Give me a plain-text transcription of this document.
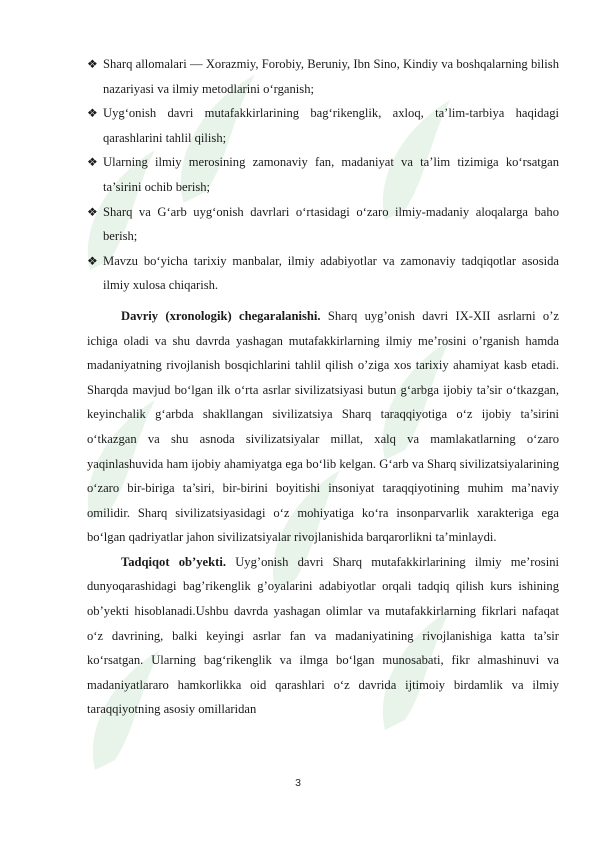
❖ Sharq allomalari — Xorazmiy, Forobiy, Beruniy, Ibn Sino, Kindiy va boshqalarning bilish nazariyasi va ilmiy metodlarini o‘rganish;
❖ Uyg‘onish davri mutafakkirlarining bag‘rikenglik, axloq, ta’lim-tarbiya haqidagi qarashlarini tahlil qilish;
❖ Ularning ilmiy merosining zamonaviy fan, madaniyat va ta’lim tizimiga ko‘rsatgan ta’sirini ochib berish;
❖ Sharq va G‘arb uyg‘onish davrlari o‘rtasidagi o‘zaro ilmiy-madaniy aloqalarga baho berish;
❖ Mavzu bo‘yicha tarixiy manbalar, ilmiy adabiyotlar va zamonaviy tadqiqotlar asosida ilmiy xulosa chiqarish.

Davriy (xronologik) chegaralanishi. Sharq uyg’onish davri IX-XII asrlarni o’z ichiga oladi va shu davrda yashagan mutafakkirlarning ilmiy me’rosini o’rganish hamda madaniyatning rivojlanish bosqichlarini tahlil qilish o’ziga xos tarixiy ahamiyat kasb etadi. Sharqda mavjud bo‘lgan ilk o‘rta asrlar sivilizatsiyasi butun g‘arbga ijobiy ta’sir o‘tkazgan, keyinchalik g‘arbda shakllangan sivilizatsiya Sharq taraqqiyotiga o‘z ijobiy ta’sirini o‘tkazgan va shu asnoda sivilizatsiyalar millat, xalq va mamlakatlarning o‘zaro yaqinlashuvida ham ijobiy ahamiyatga ega bo‘lib kelgan. G‘arb va Sharq sivilizatsiyalarining o‘zaro bir-biriga ta’siri, bir-birini boyitishi insoniyat taraqqiyotining muhim ma’naviy omilidir. Sharq sivilizatsiyasidagi o‘z mohiyatiga ko‘ra insonparvarlik xarakteriga ega bo‘lgan qadriyatlar jahon sivilizatsiyalar rivojlanishida barqarorlikni ta’minlaydi.

Tadqiqot ob’yekti. Uyg’onish davri Sharq mutafakkirlarining ilmiy me’rosini dunyoqarashidagi bag’rikenglik g’oyalarini adabiyotlar orqali tadqiq qilish kurs ishining ob’yekti hisoblanadi.Ushbu davrda yashagan olimlar va mutafakkirlarning fikrlari nafaqat o‘z davrining, balki keyingi asrlar fan va madaniyatining rivojlanishiga katta ta’sir ko‘rsatgan. Ularning bag‘rikenglik va ilmga bo‘lgan munosabati, fikr almashinuvi va madaniyatlararo hamkorlikka oid qarashlari o‘z davrida ijtimoiy birdamlik va ilmiy taraqqiyotning asosiy omillaridan

3
